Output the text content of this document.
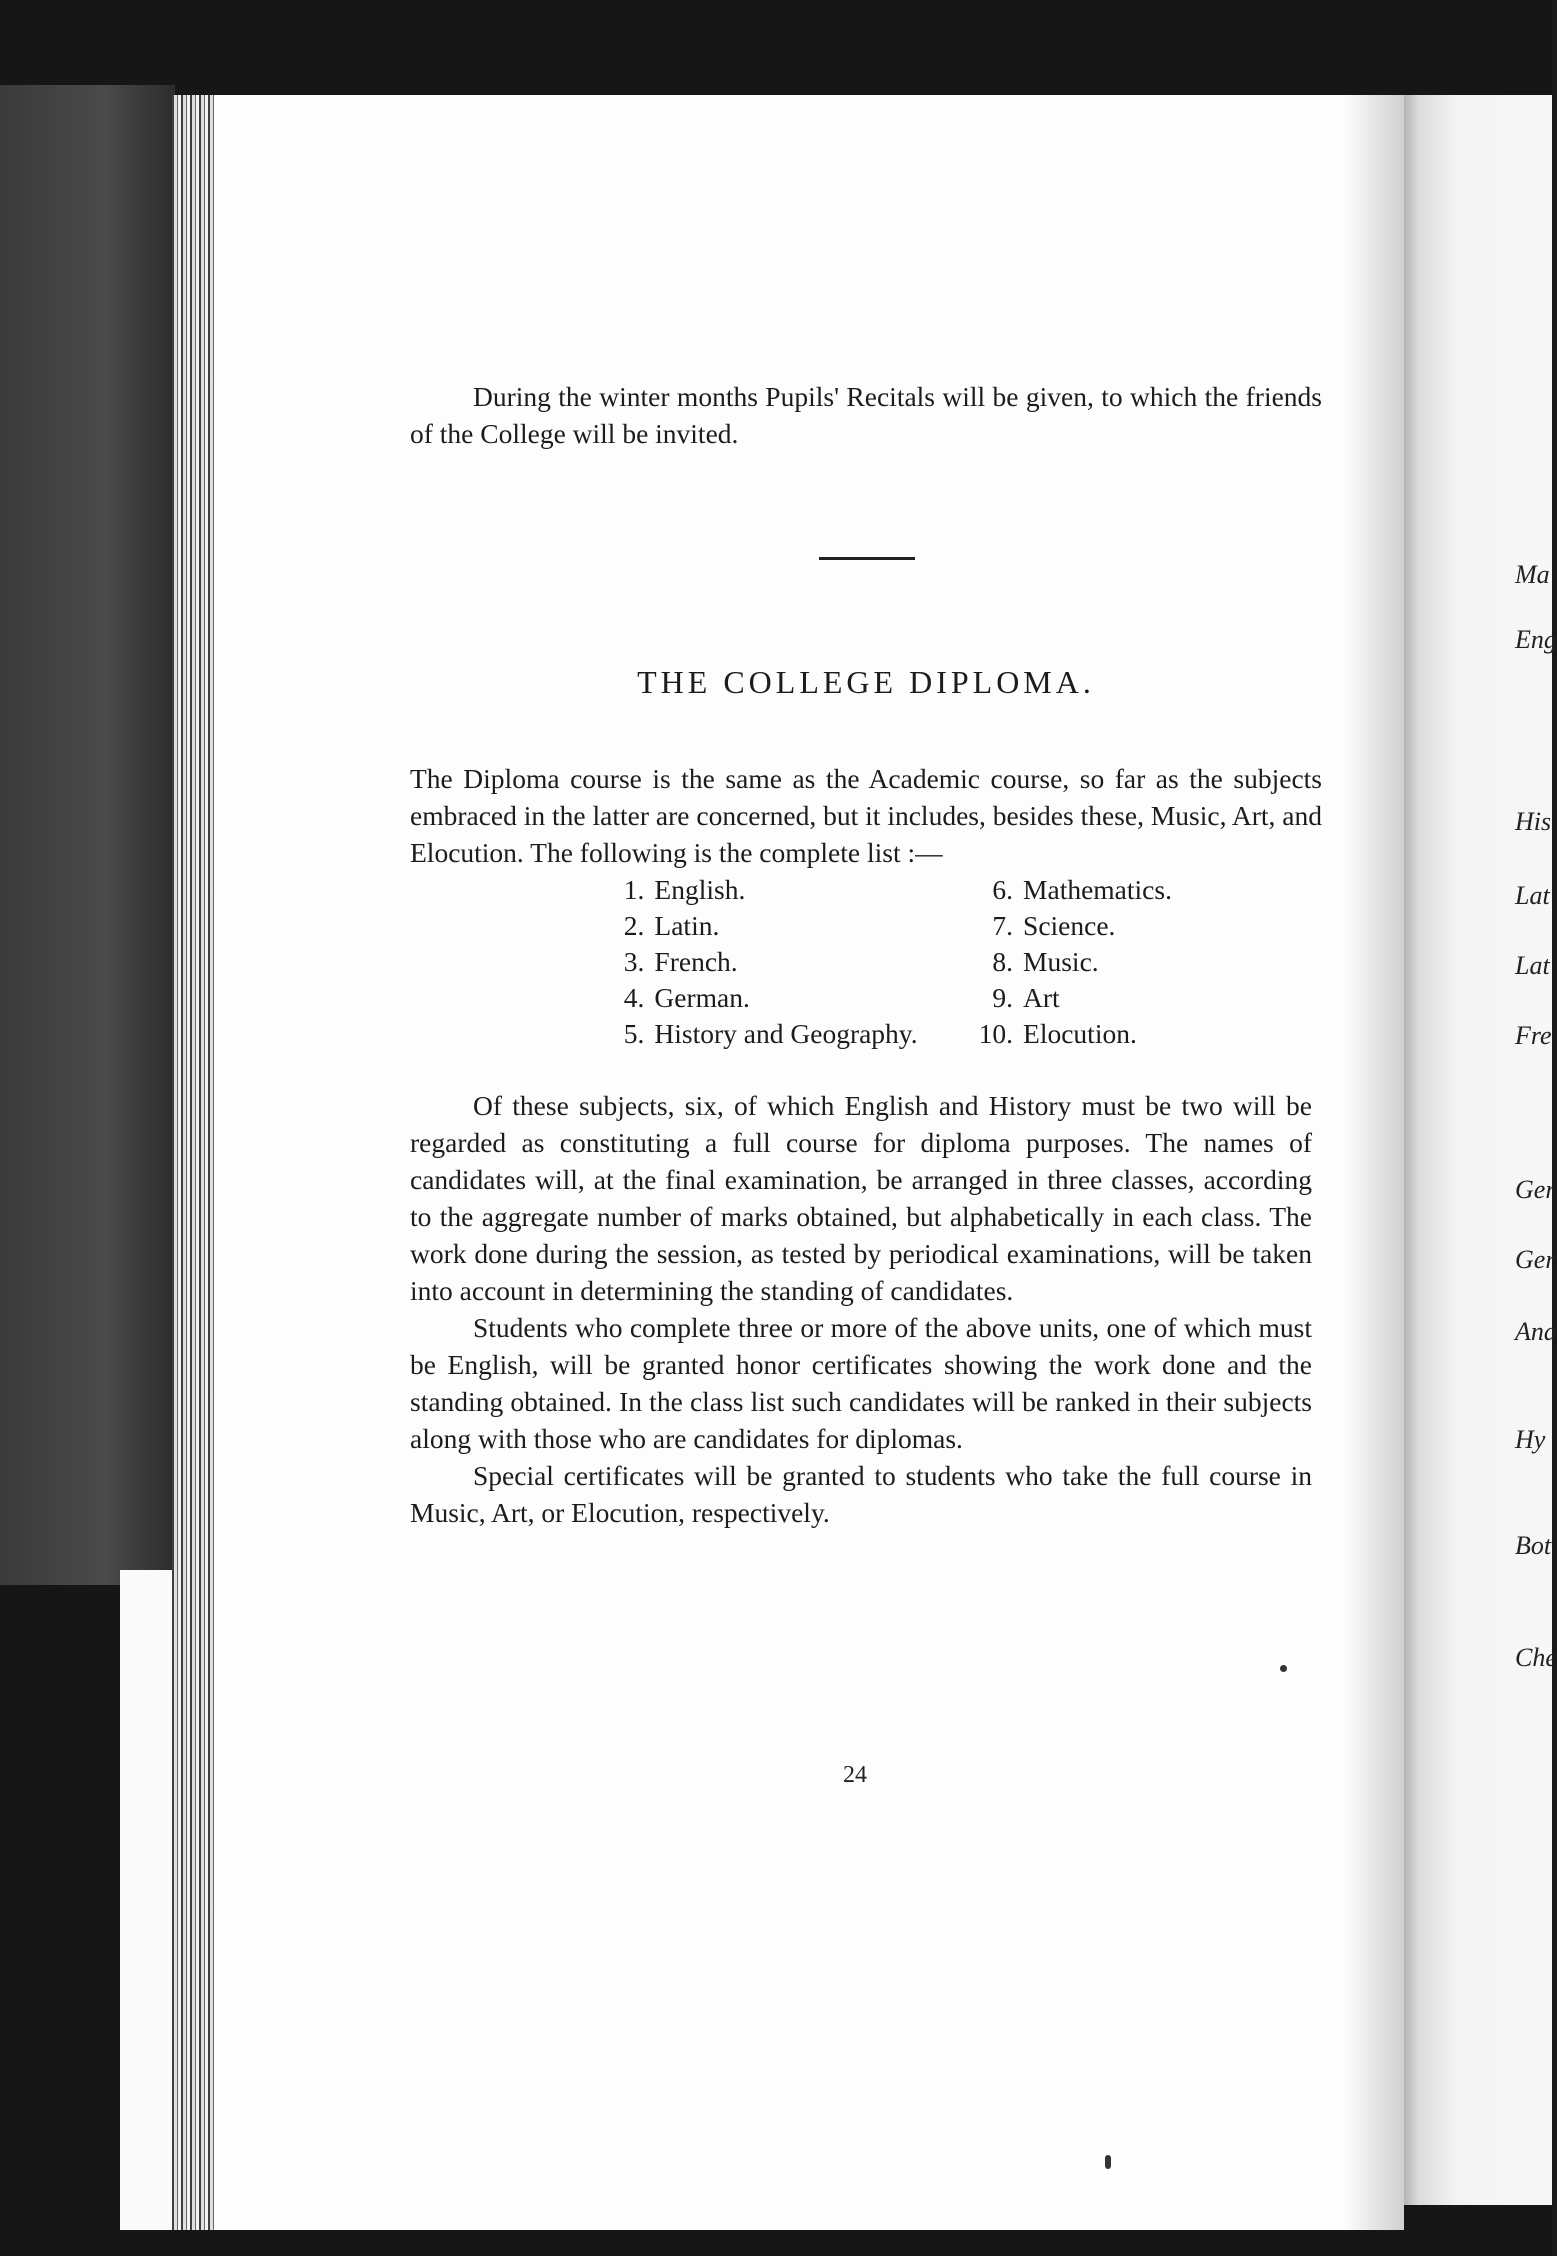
Ma
Eng
His
Lat
Lat
Fre
Ger
Ger
Ana
Hy
Bot
Che

During the winter months Pupils' Recitals will be given, to which the friends of the College will be invited.

THE COLLEGE DIPLOMA.

The Diploma course is the same as the Academic course, so far as the subjects embraced in the latter are concerned, but it includes, besides these, Music, Art, and Elocution. The following is the complete list :—

1. English.	6. Mathematics.
2. Latin.	7. Science.
3. French.	8. Music.
4. German.	9. Art
5. History and Geography.	10. Elocution.

Of these subjects, six, of which English and History must be two will be regarded as constituting a full course for diploma purposes. The names of candidates will, at the final examination, be arranged in three classes, according to the aggregate number of marks obtained, but alphabetically in each class. The work done during the session, as tested by periodical examinations, will be taken into account in determining the standing of candidates.

Students who complete three or more of the above units, one of which must be English, will be granted honor certificates showing the work done and the standing obtained. In the class list such candidates will be ranked in their subjects along with those who are candidates for diplomas.

Special certificates will be granted to students who take the full course in Music, Art, or Elocution, respectively.

24
